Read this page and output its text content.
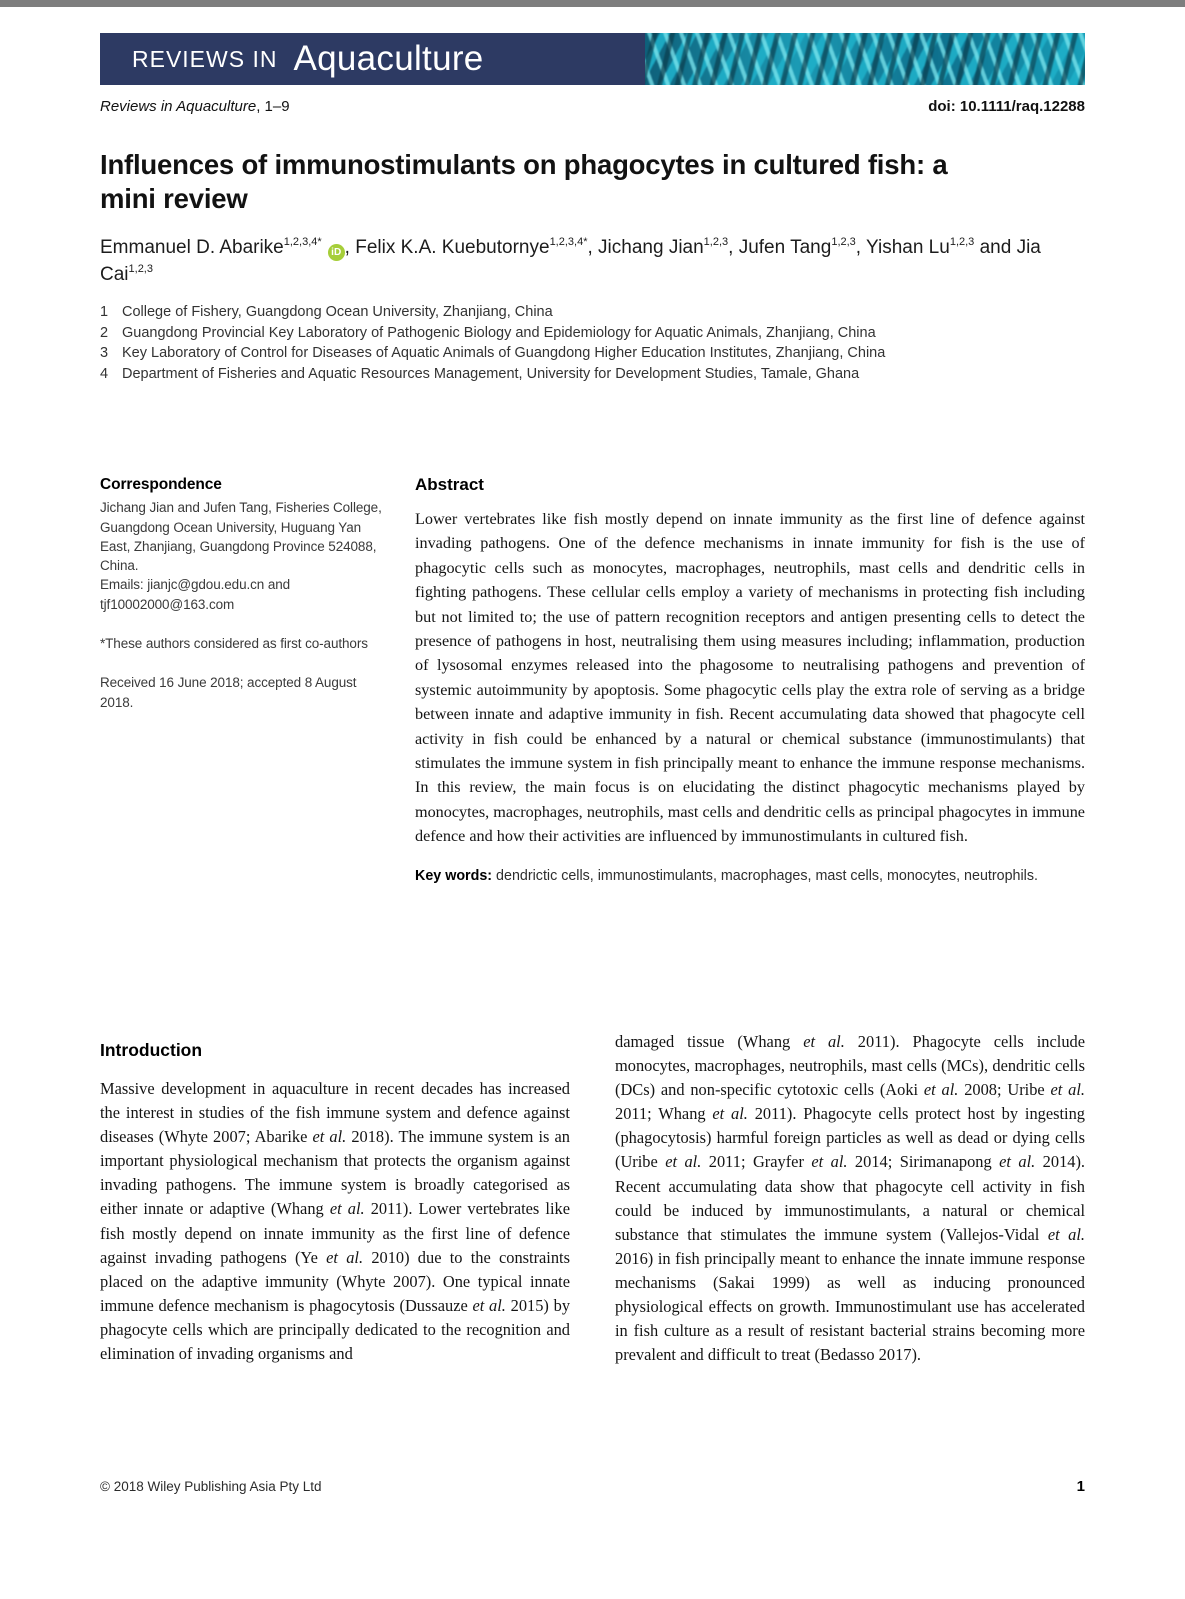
REVIEWS IN Aquaculture
Reviews in Aquaculture, 1–9	doi: 10.1111/raq.12288
Influences of immunostimulants on phagocytes in cultured fish: a mini review
Emmanuel D. Abarike$^{1,2,3,4*}$iD , Felix K.A. Kuebutornye$^{1,2,3,4*}$, Jichang Jian$^{1,2,3}$, Jufen Tang$^{1,2,3}$, Yishan Lu$^{1,2,3}$ and Jia Cai$^{1,2,3}$
1 College of Fishery, Guangdong Ocean University, Zhanjiang, China
2 Guangdong Provincial Key Laboratory of Pathogenic Biology and Epidemiology for Aquatic Animals, Zhanjiang, China
3 Key Laboratory of Control for Diseases of Aquatic Animals of Guangdong Higher Education Institutes, Zhanjiang, China
4 Department of Fisheries and Aquatic Resources Management, University for Development Studies, Tamale, Ghana
Correspondence
Jichang Jian and Jufen Tang, Fisheries College, Guangdong Ocean University, Huguang Yan East, Zhanjiang, Guangdong Province 524088, China.
Emails: jianjc@gdou.edu.cn and tjf10002000@163.com
*These authors considered as first co-authors
Received 16 June 2018; accepted 8 August 2018.
Abstract
Lower vertebrates like fish mostly depend on innate immunity as the first line of defence against invading pathogens. One of the defence mechanisms in innate immunity for fish is the use of phagocytic cells such as monocytes, macrophages, neutrophils, mast cells and dendritic cells in fighting pathogens. These cellular cells employ a variety of mechanisms in protecting fish including but not limited to; the use of pattern recognition receptors and antigen presenting cells to detect the presence of pathogens in host, neutralising them using measures including; inflammation, production of lysosomal enzymes released into the phagosome to neutralising pathogens and prevention of systemic autoimmunity by apoptosis. Some phagocytic cells play the extra role of serving as a bridge between innate and adaptive immunity in fish. Recent accumulating data showed that phagocyte cell activity in fish could be enhanced by a natural or chemical substance (immunostimulants) that stimulates the immune system in fish principally meant to enhance the immune response mechanisms. In this review, the main focus is on elucidating the distinct phagocytic mechanisms played by monocytes, macrophages, neutrophils, mast cells and dendritic cells as principal phagocytes in immune defence and how their activities are influenced by immunostimulants in cultured fish.
Key words: dendrictic cells, immunostimulants, macrophages, mast cells, monocytes, neutrophils.
Introduction

Massive development in aquaculture in recent decades has increased the interest in studies of the fish immune system and defence against diseases (Whyte 2007; Abarike et al. 2018). The immune system is an important physiological mechanism that protects the organism against invading pathogens. The immune system is broadly categorised as either innate or adaptive (Whang et al. 2011). Lower vertebrates like fish mostly depend on innate immunity as the first line of defence against invading pathogens (Ye et al. 2010) due to the constraints placed on the adaptive immunity (Whyte 2007). One typical innate immune defence mechanism is phagocytosis (Dussauze et al. 2015) by phagocyte cells which are principally dedicated to the recognition and elimination of invading organisms and

damaged tissue (Whang et al. 2011). Phagocyte cells include monocytes, macrophages, neutrophils, mast cells (MCs), dendritic cells (DCs) and non-specific cytotoxic cells (Aoki et al. 2008; Uribe et al. 2011; Whang et al. 2011). Phagocyte cells protect host by ingesting (phagocytosis) harmful foreign particles as well as dead or dying cells (Uribe et al. 2011; Grayfer et al. 2014; Sirimanapong et al. 2014). Recent accumulating data show that phagocyte cell activity in fish could be induced by immunostimulants, a natural or chemical substance that stimulates the immune system (Vallejos-Vidal et al. 2016) in fish principally meant to enhance the innate immune response mechanisms (Sakai 1999) as well as inducing pronounced physiological effects on growth. Immunostimulant use has accelerated in fish culture as a result of resistant bacterial strains becoming more prevalent and difficult to treat (Bedasso 2017).

© 2018 Wiley Publishing Asia Pty Ltd	1
